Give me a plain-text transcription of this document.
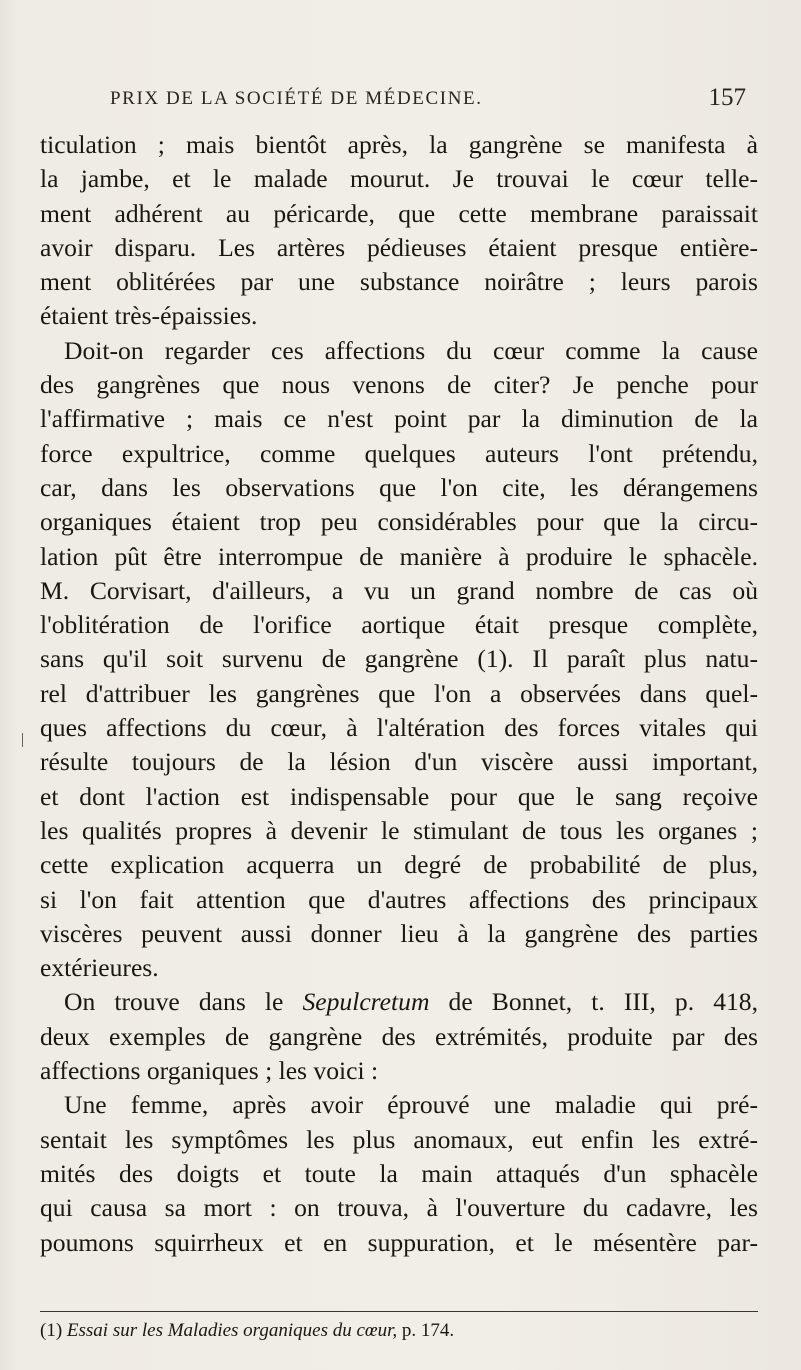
PRIX DE LA SOCIÉTÉ DE MÉDECINE.	157

ticulation ; mais bientôt après, la gangrène se manifesta à
la jambe, et le malade mourut. Je trouvai le cœur telle-
ment adhérent au péricarde, que cette membrane paraissait
avoir disparu. Les artères pédieuses étaient presque entière-
ment oblitérées par une substance noirâtre ; leurs parois
étaient très-épaissies.

Doit-on regarder ces affections du cœur comme la cause
des gangrènes que nous venons de citer? Je penche pour
l'affirmative ; mais ce n'est point par la diminution de la
force expultrice, comme quelques auteurs l'ont prétendu,
car, dans les observations que l'on cite, les dérangemens
organiques étaient trop peu considérables pour que la circu-
lation pût être interrompue de manière à produire le sphacèle.
M. Corvisart, d'ailleurs, a vu un grand nombre de cas où
l'oblitération de l'orifice aortique était presque complète,
sans qu'il soit survenu de gangrène (1). Il paraît plus natu-
rel d'attribuer les gangrènes que l'on a observées dans quel-
ques affections du cœur, à l'altération des forces vitales qui
résulte toujours de la lésion d'un viscère aussi important,
et dont l'action est indispensable pour que le sang reçoive
les qualités propres à devenir le stimulant de tous les organes ;
cette explication acquerra un degré de probabilité de plus,
si l'on fait attention que d'autres affections des principaux
viscères peuvent aussi donner lieu à la gangrène des parties
extérieures.

On trouve dans le Sepulcretum de Bonnet, t. III, p. 418,
deux exemples de gangrène des extrémités, produite par des
affections organiques ; les voici :

Une femme, après avoir éprouvé une maladie qui pré-
sentait les symptômes les plus anomaux, eut enfin les extré-
mités des doigts et toute la main attaqués d'un sphacèle
qui causa sa mort : on trouva, à l'ouverture du cadavre, les
poumons squirrheux et en suppuration, et le mésentère par-

(1) Essai sur les Maladies organiques du cœur, p. 174.
